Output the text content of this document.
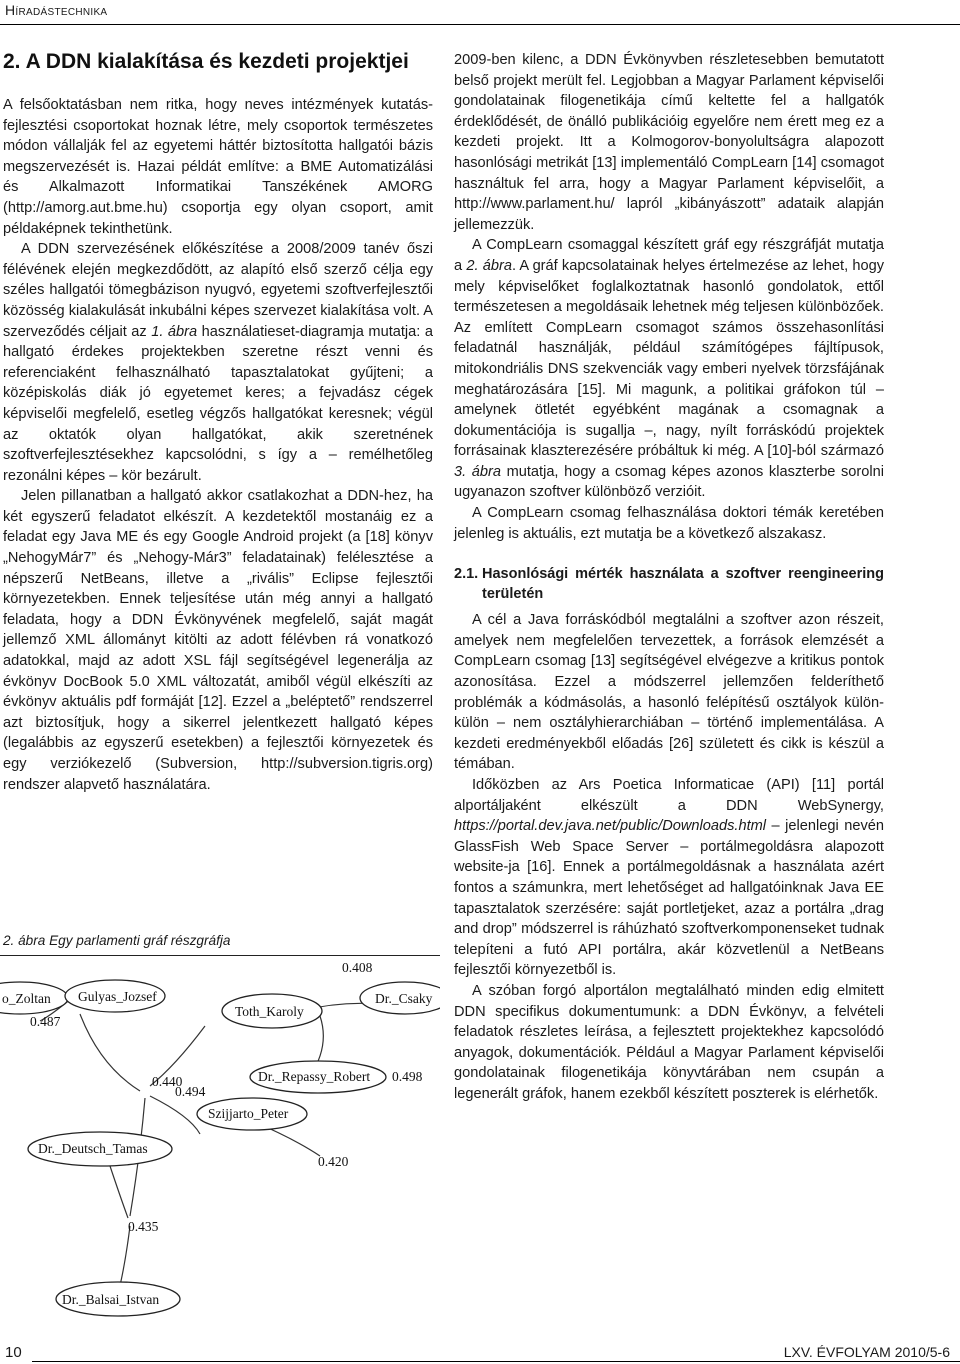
Híradástechnika
2. A DDN kialakítása és kezdeti projektjei

A felsőoktatásban nem ritka, hogy neves intézmények kutatás-fejlesztési csoportokat hoznak létre, mely csoportok természetes módon vállalják fel az egyetemi háttér biztosította hallgatói bázis megszervezését is. Hazai példát említve: a BME Automatizálási és Alkalmazott Informatikai Tanszékének AMORG (http://amorg.aut.bme.hu) csoportja egy olyan csoport, amit példaképnek tekinthetünk.

A DDN szervezésének előkészítése a 2008/2009 tanév őszi félévének elején megkezdődött, az alapító első szerző célja egy széles hallgatói tömegbázison nyugvó, egyetemi szoftverfejlesztői közösség kialakulását inkubálni képes szervezet kialakítása volt. A szerveződés céljait az 1. ábra használatieset-diagramja mutatja: a hallgató érdekes projektekben szeretne részt venni és referenciaként felhasználható tapasztalatokat gyűjteni; a középiskolás diák jó egyetemet keres; a fejvadász cégek képviselői megfelelő, esetleg végzős hallgatókat keresnek; végül az oktatók olyan hallgatókat, akik szeretnének szoftverfejlesztésekhez kapcsolódni, s így a – remélhetőleg rezonálni képes – kör bezárult.

Jelen pillanatban a hallgató akkor csatlakozhat a DDN-hez, ha két egyszerű feladatot elkészít. A kezdetektől mostanáig ez a feladat egy Java ME és egy Google Android projekt (a [18] könyv „NehogyMár7” és „Nehogy-Már3” feladatainak) felélesztése a népszerű NetBeans, illetve a „rivális” Eclipse fejlesztői környezetekben. Ennek teljesítése után még annyi a hallgató feladata, hogy a DDN Évkönyvének megfelelő, saját magát jellemző XML állományt kitölti az adott félévben rá vonatkozó adatokkal, majd az adott XSL fájl segítségével legenerálja az évkönyv DocBook 5.0 XML változatát, amiből végül elkészíti az évkönyv aktuális pdf formáját [12]. Ezzel a „beléptető” rendszerrel azt biztosítjuk, hogy a sikerrel jelentkezett hallgató képes (legalábbis az egyszerű esetekben) a fejlesztői környezetek és egy verziókezelő (Subversion, http://subversion.tigris.org) rendszer alapvető használatára.

2. ábra Egy parlamenti gráf részgráfja
o_Zoltan Gulyas_Jozsef
Toth_Karoly
Dr._Csaky
Dr._Repassy_Robert
Szijjarto_Peter
Dr._Deutsch_Tamas
Dr._Balsai_Istvan
0.408
0.487
0.440
0.494
0.498
0.420
0.435

2009-ben kilenc, a DDN Évkönyvben részletesebben bemutatott belső projekt merült fel. Legjobban a Magyar Parlament képviselői gondolatainak filogenetikája című keltette fel a hallgatók érdeklődését, de önálló publikációig egyelőre nem érett meg ez a kezdeti projekt. Itt a Kolmogorov-bonyolultságra alapozott hasonlósági metrikát [13] implementáló CompLearn [14] csomagot használtuk fel arra, hogy a Magyar Parlament képviselőit, a http://www.parlament.hu/ lapról „kibányászott” adataik alapján jellemezzük.

A CompLearn csomaggal készített gráf egy részgráfját mutatja a 2. ábra. A gráf kapcsolatainak helyes értelmezése az lehet, hogy mely képviselőket foglalkoztatnak hasonló gondolatok, ettől természetesen a megoldásaik lehetnek még teljesen különbözőek. Az említett CompLearn csomagot számos összehasonlítási feladatnál használják, például számítógépes fájltípusok, mitokondriális DNS szekvenciák vagy emberi nyelvek törzsfájának meghatározására [15]. Mi magunk, a politikai gráfokon túl – amelynek ötletét egyébként magának a csomagnak a dokumentációja is sugallja –, nagy, nyílt forráskódú projektek forrásainak klaszterezésére próbáltuk ki még. A [10]-ból származó 3. ábra mutatja, hogy a csomag képes azonos klaszterbe sorolni ugyanazon szoftver különböző verzióit.

A CompLearn csomag felhasználása doktori témák keretében jelenleg is aktuális, ezt mutatja be a következő alszakasz.

2.1. Hasonlósági mérték használata a szoftver reengineering területén

A cél a Java forráskódból megtalálni a szoftver azon részeit, amelyek nem megfelelően tervezettek, a források elemzését a CompLearn csomag [13] segítségével elvégezve a kritikus pontok azonosítása. Ezzel a módszerrel jellemzően felderíthető problémák a kódmásolás, a hasonló felépítésű osztályok külön-külön – nem osztályhierarchiában – történő implementálása. A kezdeti eredményekből előadás [26] született és cikk is készül a témában.

Időközben az Ars Poetica Informaticae (API) [11] portál alportáljaként elkészült a DDN WebSynergy, https://portal.dev.java.net/public/Downloads.html – jelenlegi nevén GlassFish Web Space Server – portálmegoldásra alapozott website-ja [16]. Ennek a portálmegoldásnak a használata azért fontos a számunkra, mert lehetőséget ad hallgatóinknak Java EE tapasztalatok szerzésére: saját portletjeket, azaz a portálra „drag and drop” módszerrel is ráhúzható szoftverkomponenseket tudnak telepíteni a futó API portálra, akár közvetlenül a NetBeans fejlesztői környezetből is.

A szóban forgó alportálon megtalálható minden edig elmitett DDN specifikus dokumentumunk: a DDN Évkönyv, a felvételi feladatok részletes leírása, a fejlesztett projektekhez kapcsolódó anyagok, dokumentációk. Például a Magyar Parlament képviselői gondolatainak filogenetikája könyvtárában nem csupán a legenerált gráfok, hanem ezekből készített poszterek is elérhetők.

10	LXV. ÉVFOLYAM 2010/5-6
